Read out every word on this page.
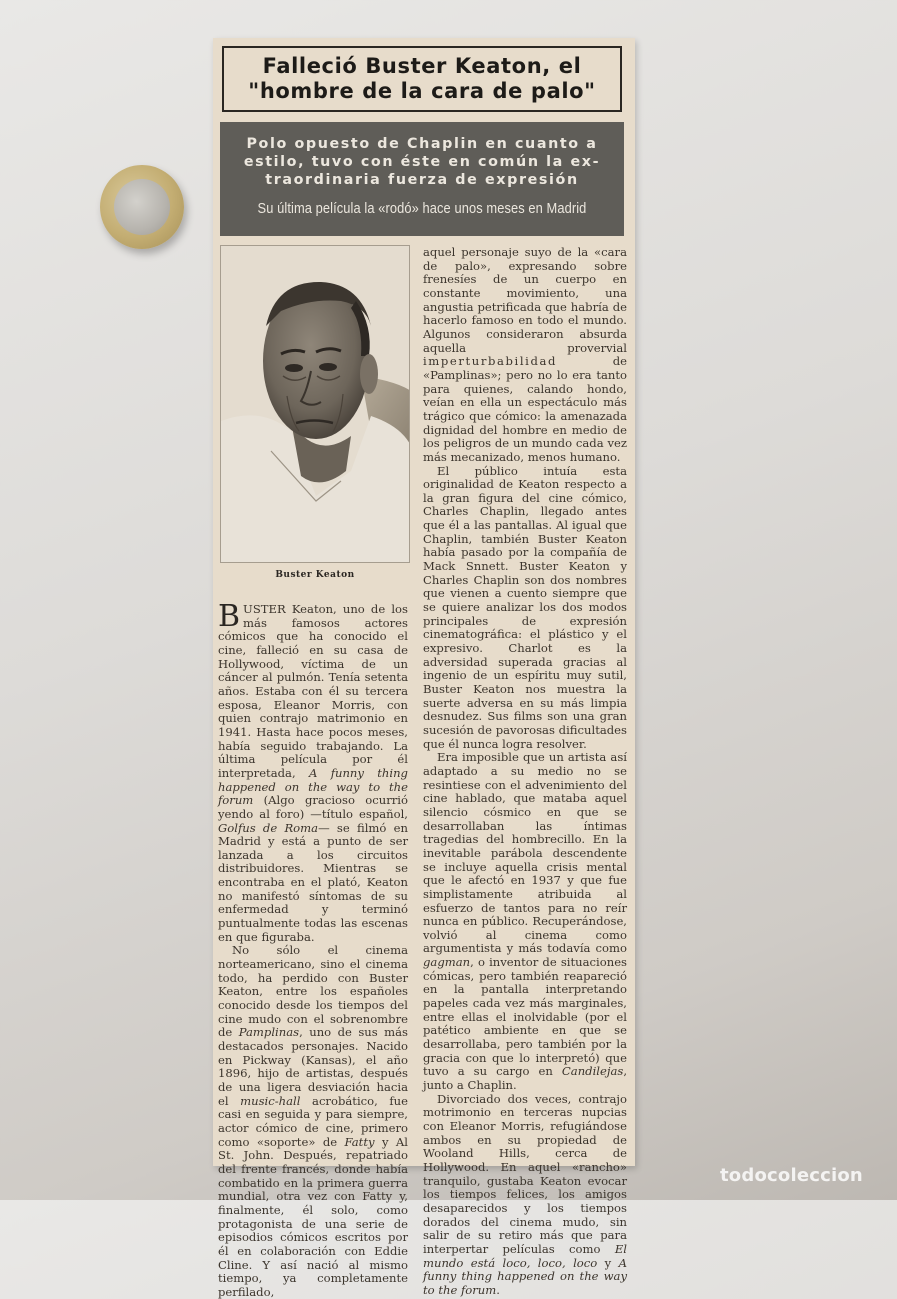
Falleció Buster Keaton, el
"hombre de la cara de palo"
Polo opuesto de Chaplin en cuanto a
estilo, tuvo con éste en común la ex-
traordinaria fuerza de expresión
Su última película la «rodó» hace unos meses en Madrid
Buster Keaton

BUSTER Keaton, uno de los más famosos actores cómicos que ha conocido el cine, falleció en su casa de Hollywood, víctima de un cáncer al pulmón. Tenía setenta años. Estaba con él su tercera esposa, Eleanor Morris, con quien contrajo matrimonio en 1941. Hasta hace pocos meses, había seguido trabajando. La última película por él interpretada, A funny thing happened on the way to the forum (Algo gracioso ocurrió yendo al foro) —título español, Golfus de Roma— se filmó en Madrid y está a punto de ser lanzada a los circuitos distribuidores. Mientras se encontraba en el plató, Keaton no manifestó síntomas de su enfermedad y terminó puntualmente todas las escenas en que figuraba.

No sólo el cinema norteamericano, sino el cinema todo, ha perdido con Buster Keaton, entre los españoles conocido desde los tiempos del cine mudo con el sobrenombre de Pamplinas, uno de sus más destacados personajes. Nacido en Pickway (Kansas), el año 1896, hijo de artistas, después de una ligera desviación hacia el music-hall acrobático, fue casi en seguida y para siempre, actor cómico de cine, primero como «soporte» de Fatty y Al St. John. Después, repatriado del frente francés, donde había combatido en la primera guerra mundial, otra vez con Fatty y, finalmente, él solo, como protagonista de una serie de episodios cómicos escritos por él en colaboración con Eddie Cline. Y así nació al mismo tiempo, ya completamente perfilado,

aquel personaje suyo de la «cara de palo», expresando sobre frenesíes de un cuerpo en constante movimiento, una angustia petrificada que habría de hacerlo famoso en todo el mundo. Algunos consideraron absurda aquella provervial imperturbabilidad de «Pamplinas»; pero no lo era tanto para quienes, calando hondo, veían en ella un espectáculo más trágico que cómico: la amenazada dignidad del hombre en medio de los peligros de un mundo cada vez más mecanizado, menos humano.

El público intuía esta originalidad de Keaton respecto a la gran figura del cine cómico, Charles Chaplin, llegado antes que él a las pantallas. Al igual que Chaplin, también Buster Keaton había pasado por la compañía de Mack Snnett. Buster Keaton y Charles Chaplin son dos nombres que vienen a cuento siempre que se quiere analizar los dos modos principales de expresión cinematográfica: el plástico y el expresivo. Charlot es la adversidad superada gracias al ingenio de un espíritu muy sutil, Buster Keaton nos muestra la suerte adversa en su más limpia desnudez. Sus films son una gran sucesión de pavorosas dificultades que él nunca logra resolver.

Era imposible que un artista así adaptado a su medio no se resintiese con el advenimiento del cine hablado, que mataba aquel silencio cósmico en que se desarrollaban las íntimas tragedias del hombrecillo. En la inevitable parábola descendente se incluye aquella crisis mental que le afectó en 1937 y que fue simplistamente atribuida al esfuerzo de tantos para no reír nunca en público. Recuperándose, volvió al cinema como argumentista y más todavía como gagman, o inventor de situaciones cómicas, pero también reapareció en la pantalla interpretando papeles cada vez más marginales, entre ellas el inolvidable (por el patético ambiente en que se desarrollaba, pero también por la gracia con que lo interpretó) que tuvo a su cargo en Candilejas, junto a Chaplin.

Divorciado dos veces, contrajo motrimonio en terceras nupcias con Eleanor Morris, refugiándose ambos en su propiedad de Wooland Hills, cerca de Hollywood. En aquel «rancho» tranquilo, gustaba Keaton evocar los tiempos felices, los amigos desaparecidos y los tiempos dorados del cinema mudo, sin salir de su retiro más que para interpertar películas como El mundo está loco, loco, loco y A funny thing happened on the way to the forum.

todocoleccion
